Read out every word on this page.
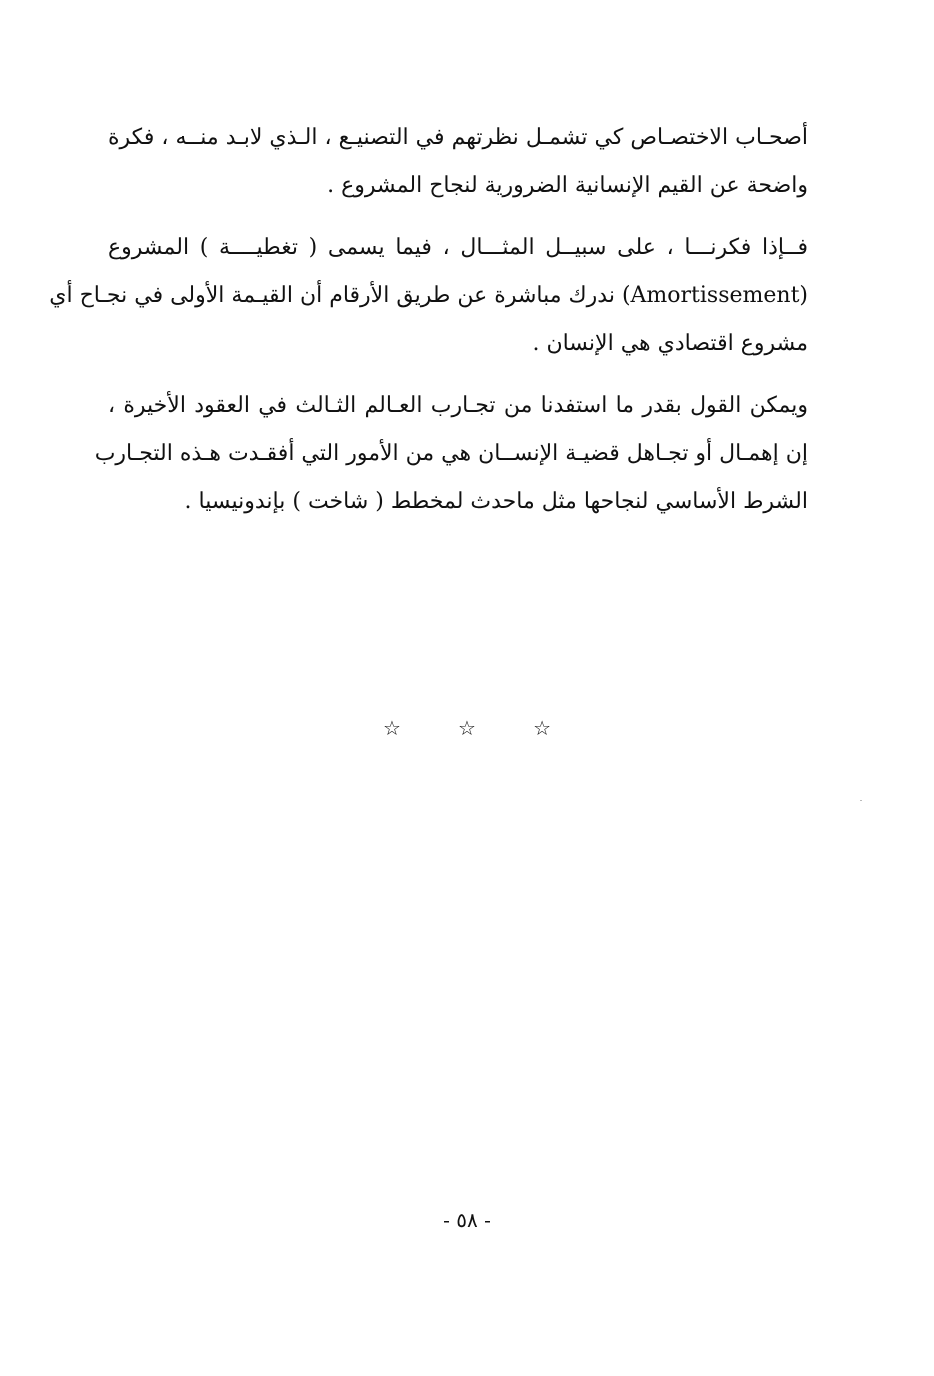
أصحـاب الاختصـاص كي تشمـل نظرتهم في التصنيـع ، الـذي لابـد منــه ، فكرة
واضحة عن القيم الإنسانية الضرورية لنجاح المشروع .

فــإذا فكرنـــا ، على سبيــل المثـــال ، فيما يسمى ( تغطيــــة ) المشروع
(Amortissement) ندرك مباشرة عن طريق الأرقام أن القيـمة الأولى في نجـاح أي
مشروع اقتصادي هي الإنسان .

ويمكن القول بقدر ما استفدنا من تجـارب العـالم الثـالث في العقود الأخيرة ،
إن إهمـال أو تجـاهل قضيـة الإنســان هي من الأمور التي أفقـدت هـذه التجـارب
الشرط الأساسي لنجاحها مثل ماحدث لمخطط ( شاخت ) بإندونيسيا .

☆	☆	☆
- ٥٨ -
